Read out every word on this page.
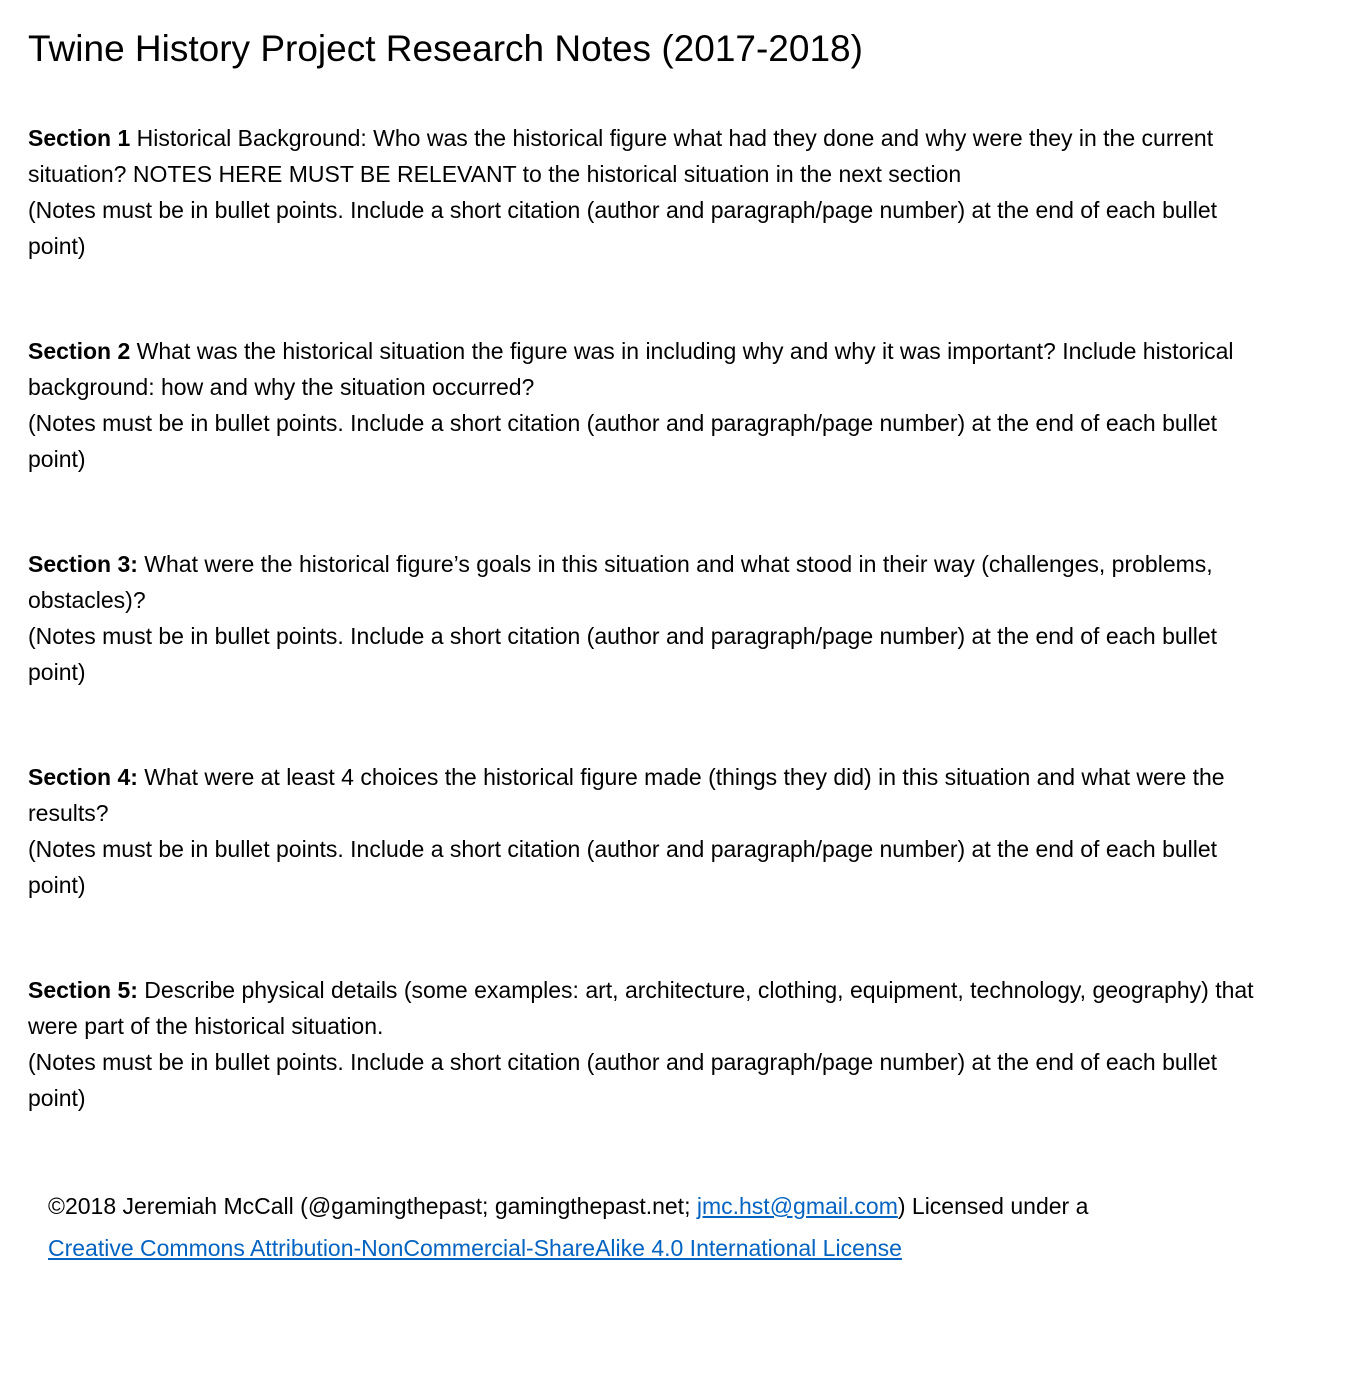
Twine History Project Research Notes (2017-2018)

Section 1 Historical Background: Who was the historical figure what had they done and why were they in the current situation? NOTES HERE MUST BE RELEVANT to the historical situation in the next section
(Notes must be in bullet points. Include a short citation (author and paragraph/page number) at the end of each bullet point)

Section 2 What was the historical situation the figure was in including why and why it was important? Include historical background: how and why the situation occurred?
(Notes must be in bullet points. Include a short citation (author and paragraph/page number) at the end of each bullet point)

Section 3: What were the historical figure’s goals in this situation and what stood in their way (challenges, problems, obstacles)?
(Notes must be in bullet points. Include a short citation (author and paragraph/page number) at the end of each bullet point)

Section 4: What were at least 4 choices the historical figure made (things they did) in this situation and what were the results?
(Notes must be in bullet points. Include a short citation (author and paragraph/page number) at the end of each bullet point)

Section 5: Describe physical details (some examples: art, architecture, clothing, equipment, technology, geography) that were part of the historical situation.
(Notes must be in bullet points. Include a short citation (author and paragraph/page number) at the end of each bullet point)

©2018 Jeremiah McCall (@gamingthepast; gamingthepast.net; jmc.hst@gmail.com) Licensed under a
Creative Commons Attribution-NonCommercial-ShareAlike 4.0 International License
